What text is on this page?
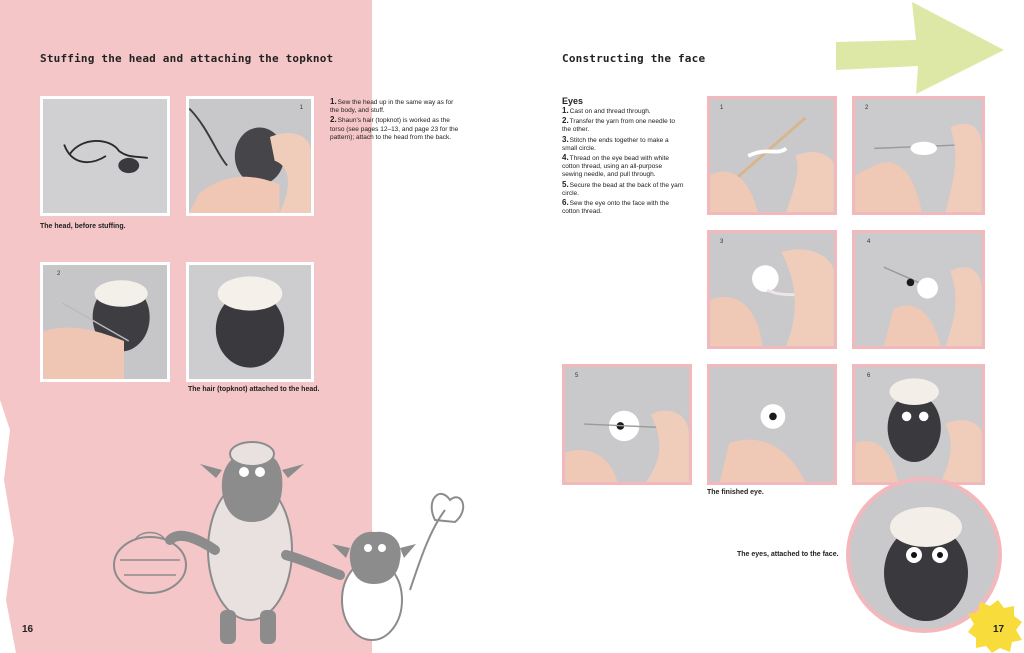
Stuffing the head and attaching the topknot
1
1.Sew the head up in the same way as for the body, and stuff.
2.Shaun's hair (topknot) is worked as the torso (see pages 12–13, and page 23 for the pattern); attach to the head from the back.
The head, before stuffing.
2
The hair (topknot) attached to the head.
16
Constructing the face
Eyes
1.Cast on and thread through.
2.Transfer the yarn from one needle to the other.
3.Stitch the ends together to make a small circle.
4.Thread on the eye bead with white cotton thread, using an all-purpose sewing needle, and pull through.
5.Secure the bead at the back of the yarn circle.
6.Sew the eye onto the face with the cotton thread.
1	2
3	4
5	6
The finished eye.
The eyes, attached to the face.
17
